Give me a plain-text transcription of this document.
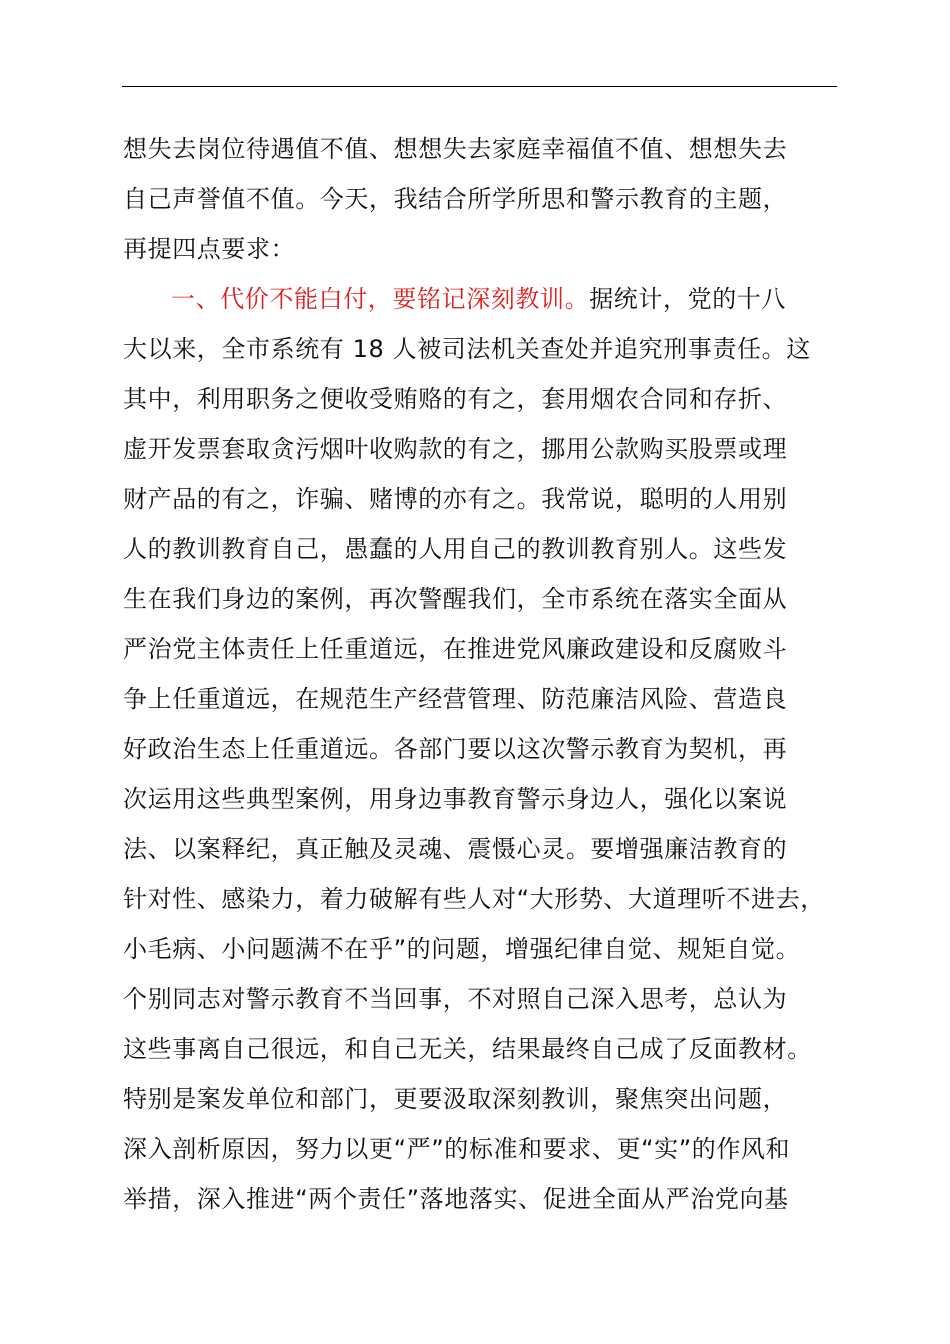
想失去岗位待遇值不值、想想失去家庭幸福值不值、想想失去
自己声誉值不值。今天，我结合所学所思和警示教育的主题，
再提四点要求：
一、代价不能白付，要铭记深刻教训。据统计，党的十八
大以来，全市系统有 18 人被司法机关查处并追究刑事责任。这
其中，利用职务之便收受贿赂的有之，套用烟农合同和存折、
虚开发票套取贪污烟叶收购款的有之，挪用公款购买股票或理
财产品的有之，诈骗、赌博的亦有之。我常说，聪明的人用别
人的教训教育自己，愚蠢的人用自己的教训教育别人。这些发
生在我们身边的案例，再次警醒我们，全市系统在落实全面从
严治党主体责任上任重道远，在推进党风廉政建设和反腐败斗
争上任重道远，在规范生产经营管理、防范廉洁风险、营造良
好政治生态上任重道远。各部门要以这次警示教育为契机，再
次运用这些典型案例，用身边事教育警示身边人，强化以案说
法、以案释纪，真正触及灵魂、震慑心灵。要增强廉洁教育的
针对性、感染力，着力破解有些人对“大形势、大道理听不进去，
小毛病、小问题满不在乎”的问题，增强纪律自觉、规矩自觉。
个别同志对警示教育不当回事，不对照自己深入思考，总认为
这些事离自己很远，和自己无关，结果最终自己成了反面教材。
特别是案发单位和部门，更要汲取深刻教训，聚焦突出问题，
深入剖析原因，努力以更“严”的标准和要求、更“实”的作风和
举措，深入推进“两个责任”落地落实、促进全面从严治党向基
